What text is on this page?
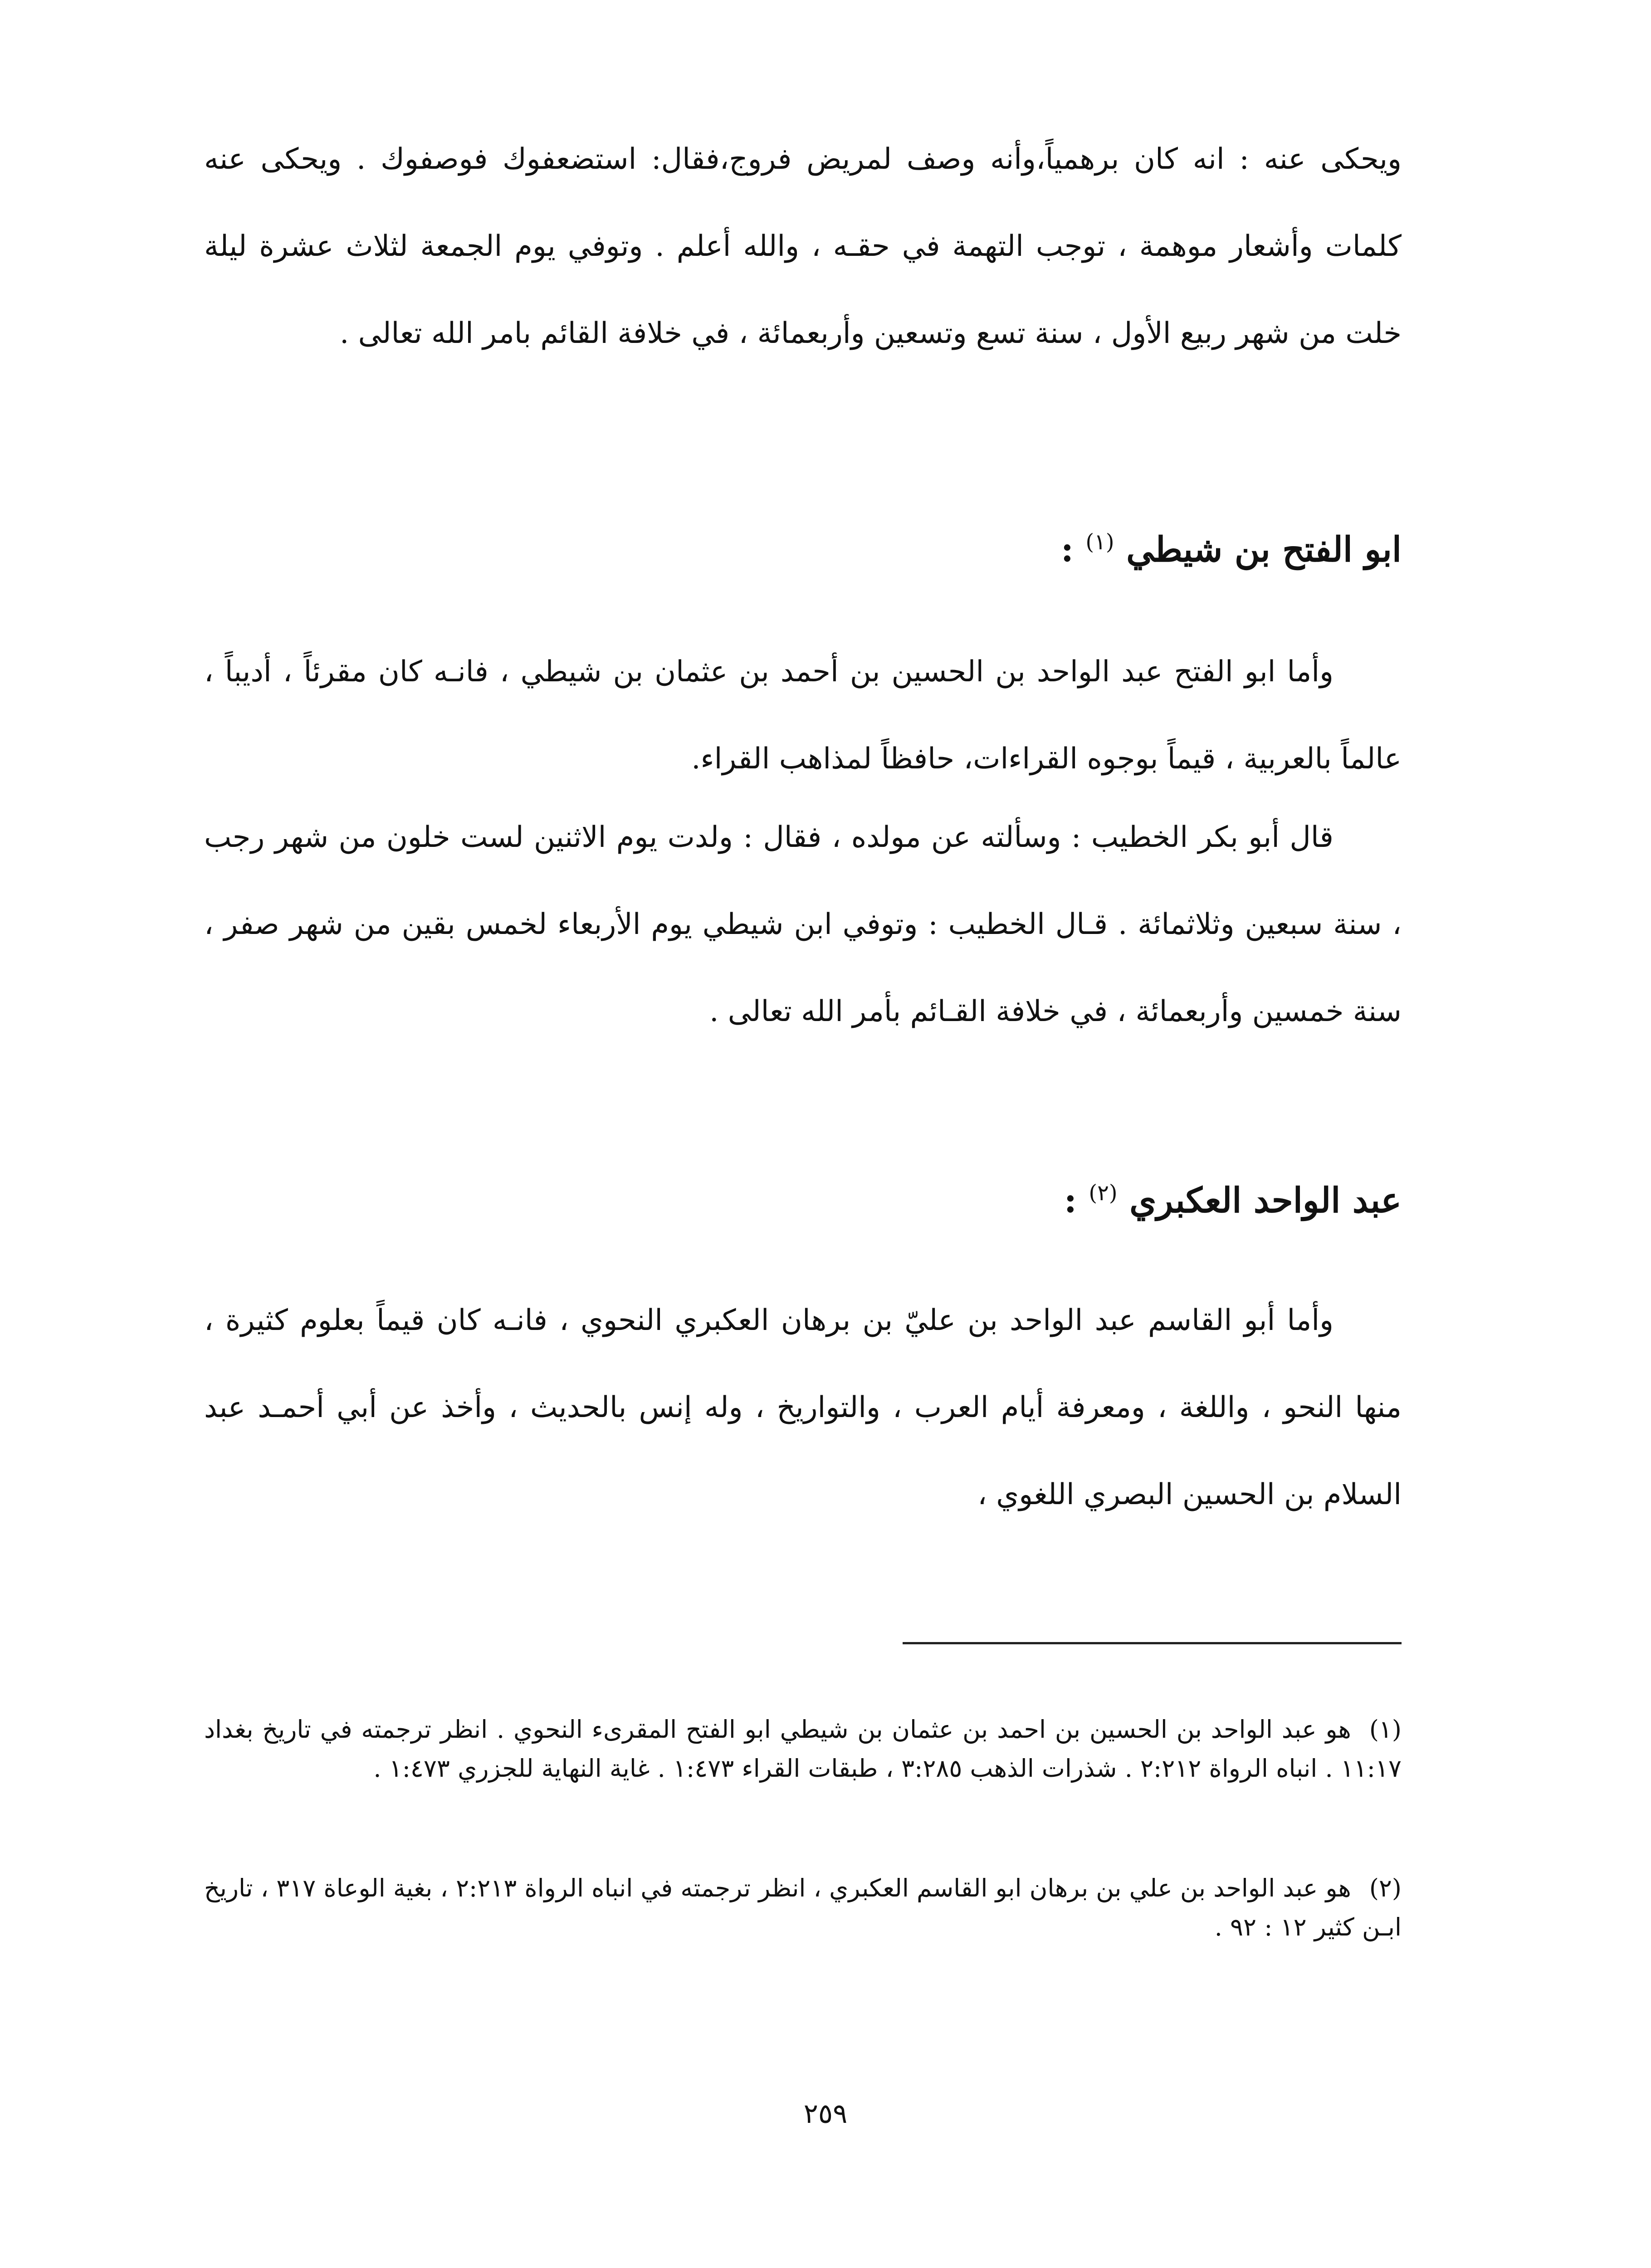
ويحكى عنه : انه كان برهمياً،وأنه وصف لمريض فروج،فقال: استضعفوك فوصفوك . ويحكى عنه كلمات وأشعار موهمة ، توجب التهمة في حقـه ، والله أعلم . وتوفي يوم الجمعة لثلاث عشرة ليلة خلت من شهر ربيع الأول ، سنة تسع وتسعين وأربعمائة ، في خلافة القائم بامر الله تعالى .

ابو الفتح بن شيطي $^{(١)}$ :

وأما ابو الفتح عبد الواحد بن الحسين بن أحمد بن عثمان بن شيطي ، فانـه كان مقرئاً ، أديباً ، عالماً بالعربية ، قيماً بوجوه القراءات، حافظاً لمذاهب القراء.

قال أبو بكر الخطيب : وسألته عن مولده ، فقال : ولدت يوم الاثنين لست خلون من شهر رجب ، سنة سبعين وثلاثمائة . قـال الخطيب : وتوفي ابن شيطي يوم الأربعاء لخمس بقين من شهر صفر ، سنة خمسين وأربعمائة ، في خلافة القـائم بأمر الله تعالى .

عبد الواحد العكبري $^{(٢)}$ :

وأما أبو القاسم عبد الواحد بن عليّ بن برهان العكبري النحوي ، فانـه كان قيماً بعلوم كثيرة ، منها النحو ، واللغة ، ومعرفة أيام العرب ، والتواريخ ، وله إنس بالحديث ، وأخذ عن أبي أحمـد عبد السلام بن الحسين البصري اللغوي ،

(١)هو عبد الواحد بن الحسين بن احمد بن عثمان بن شيطي ابو الفتح المقرىء النحوي . انظر ترجمته في تاريخ بغداد ١١:١٧ . انباه الرواة ٢:٢١٢ . شذرات الذهب ٣:٢٨٥ ، طبقات القراء ١:٤٧٣ . غاية النهاية للجزري ١:٤٧٣ .

(٢)هو عبد الواحد بن علي بن برهان ابو القاسم العكبري ، انظر ترجمته في انباه الرواة ٢:٢١٣ ، بغية الوعاة ٣١٧ ، تاريخ ابـن كثير ١٢ : ٩٢ .

٢٥٩
